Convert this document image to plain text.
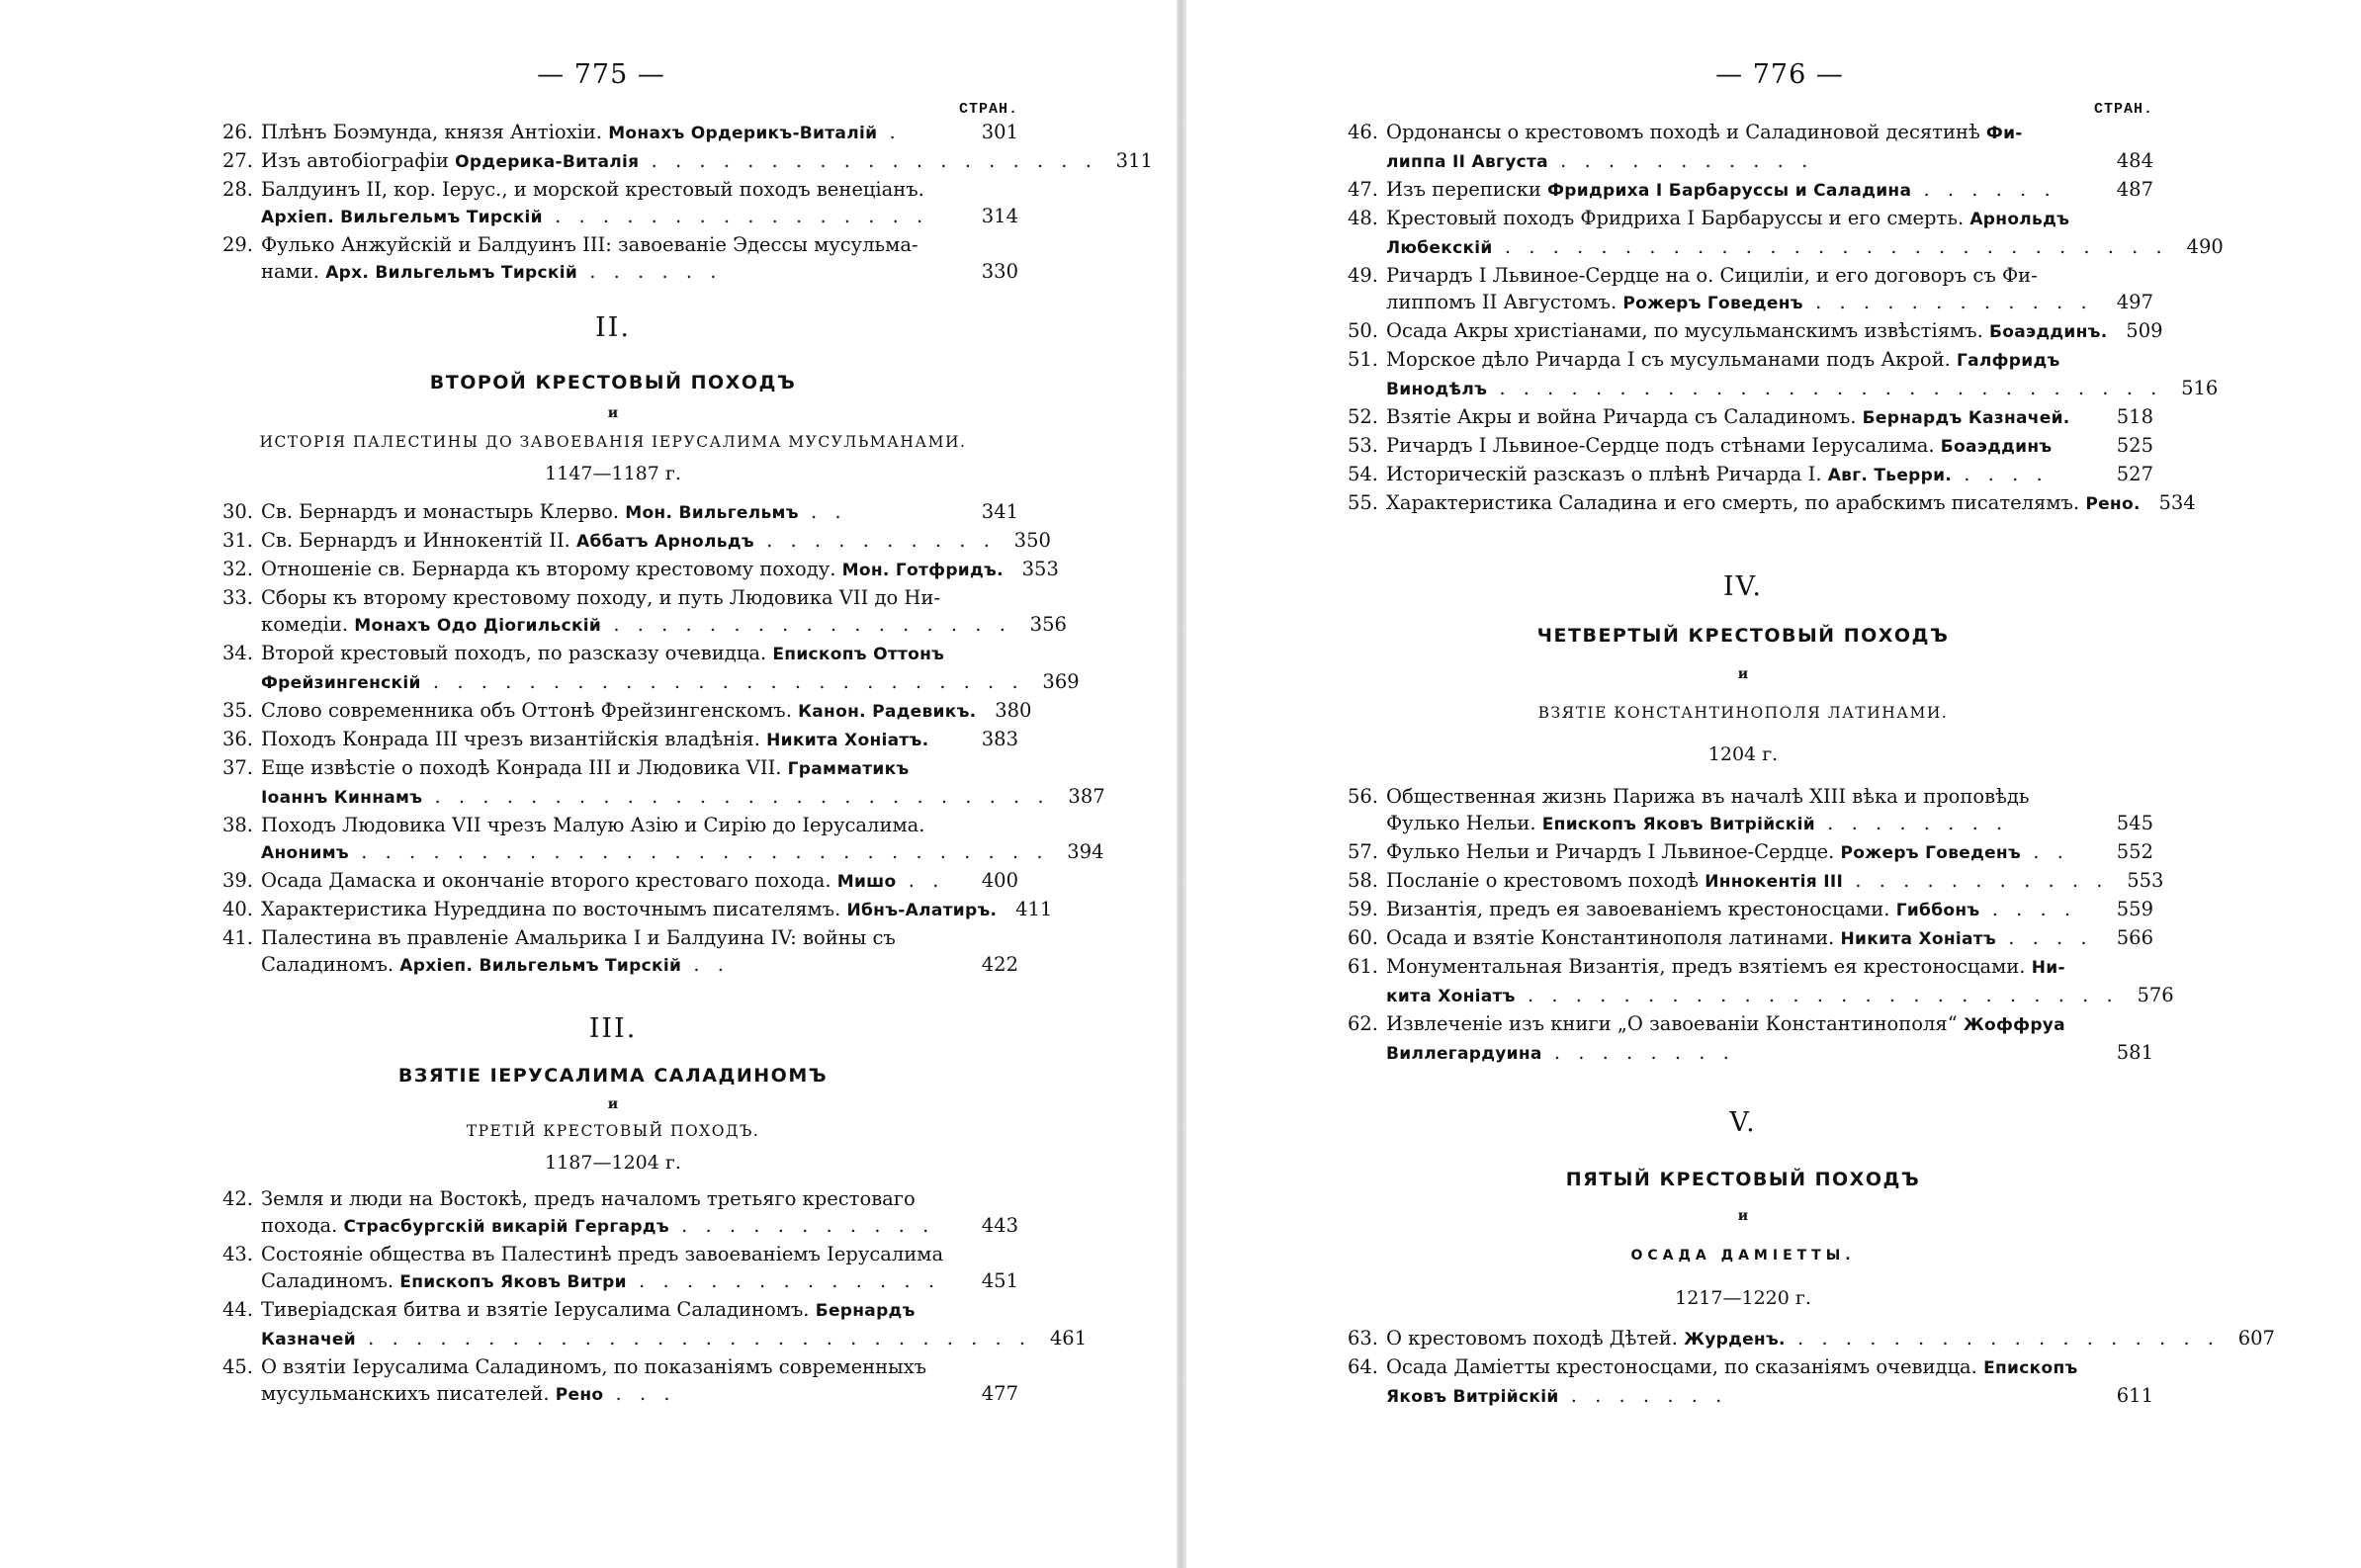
— 775 —
СТРАН.
26. Плѣнъ Боэмунда, князя Антіохіи. Монахъ Ордерикъ-Виталій .	301
27. Изъ автобіографіи Ордерика-Виталія . . . . . . . . . . . . . . . . . . . 311
28. Балдуинъ II, кор. Іерус., и морской крестовый походъ венеціанъ.
Архіеп. Вильгельмъ Тирскій . . . . . . . . . . . . . . . .	314
29. Фулько Анжуйскій и Балдуинъ III: завоеваніе Эдессы мусульма-
нами. Арх. Вильгельмъ Тирскій . . . . . .	330
II.
ВТОРОЙ КРЕСТОВЫЙ ПОХОДЪ
и
ИСТОРІЯ ПАЛЕСТИНЫ ДО ЗАВОЕВАНІЯ ІЕРУСАЛИМА МУСУЛЬМАНАМИ.
1147—1187 г.
30. Св. Бернардъ и монастырь Клерво. Мон. Вильгельмъ . .	341
31. Св. Бернардъ и Иннокентій II. Аббатъ Арнольдъ . . . . . . . . . . 350
32. Отношеніе св. Бернарда къ второму крестовому походу. Мон. Готфридъ. 353
33. Сборы къ второму крестовому походу, и путь Людовика VII до Ни-
комедіи. Монахъ Одо Діогильскій . . . . . . . . . . . . . . . . . 356
34. Второй крестовый походъ, по разсказу очевидца. Епископъ Оттонъ
Фрейзингенскій . . . . . . . . . . . . . . . . . . . . . . . . . 369
35. Слово современника объ Оттонѣ Фрейзингенскомъ. Канон. Радевикъ. 380
36. Походъ Конрада III чрезъ византійскія владѣнія. Никита Хоніатъ.	383
37. Еще извѣстіе о походѣ Конрада III и Людовика VII. Грамматикъ
Іоаннъ Киннамъ . . . . . . . . . . . . . . . . . . . . . . . . . . 387
38. Походъ Людовика VII чрезъ Малую Азію и Сирію до Іерусалима.
Анонимъ . . . . . . . . . . . . . . . . . . . . . . . . . . . . . 394
39. Осада Дамаска и окончаніе второго крестоваго похода. Мишо . .	400
40. Характеристика Нуреддина по восточнымъ писателямъ. Ибнъ-Алатиръ. 411
41. Палестина въ правленіе Амальрика I и Балдуина IV: войны съ
Саладиномъ. Архіеп. Вильгельмъ Тирскій . .	422
III.
ВЗЯТІЕ ІЕРУСАЛИМА САЛАДИНОМЪ
и
ТРЕТІЙ КРЕСТОВЫЙ ПОХОДЪ.
1187—1204 г.
42. Земля и люди на Востокѣ, предъ началомъ третьяго крестоваго
похода. Страсбургскій викарій Гергардъ . . . . . . . . . . .	443
43. Состояніе общества въ Палестинѣ предъ завоеваніемъ Іерусалима
Саладиномъ. Епископъ Яковъ Витри . . . . . . . . . . . . .	451
44. Тиверіадская битва и взятіе Іерусалима Саладиномъ. Бернардъ
Казначей . . . . . . . . . . . . . . . . . . . . . . . . . . . . 461
45. О взятіи Іерусалима Саладиномъ, по показаніямъ современныхъ
мусульманскихъ писателей. Рено . . .	477
— 776 —
СТРАН.
46. Ордонансы о крестовомъ походѣ и Саладиновой десятинѣ Фи-
липпа II Августа . . . . . . . . . . .	484
47. Изъ переписки Фридриха I Барбаруссы и Саладина . . . . . .	487
48. Крестовый походъ Фридриха I Барбаруссы и его смерть. Арнольдъ
Любекскій . . . . . . . . . . . . . . . . . . . . . . . . . . . . 490
49. Ричардъ I Львиное-Сердце на о. Сициліи, и его договоръ съ Фи-
липпомъ II Августомъ. Рожеръ Говеденъ . . . . . . . . . . . .	497
50. Осада Акры христіанами, по мусульманскимъ извѣстіямъ. Боаэддинъ. 509
51. Морское дѣло Ричарда I съ мусульманами подъ Акрой. Галфридъ
Винодѣлъ . . . . . . . . . . . . . . . . . . . . . . . . . . . . 516
52. Взятіе Акры и война Ричарда съ Саладиномъ. Бернардъ Казначей.	518
53. Ричардъ I Львиное-Сердце подъ стѣнами Іерусалима. Боаэддинъ	525
54. Историческій разсказъ о плѣнѣ Ричарда I. Авг. Тьерри. . . . .	527
55. Характеристика Саладина и его смерть, по арабскимъ писателямъ. Рено. 534
IV.
ЧЕТВЕРТЫЙ КРЕСТОВЫЙ ПОХОДЪ
и
ВЗЯТІЕ КОНСТАНТИНОПОЛЯ ЛАТИНАМИ.
1204 г.
56. Общественная жизнь Парижа въ началѣ XIII вѣка и проповѣдь
Фулько Нельи. Епископъ Яковъ Витрійскій . . . . . . . .	545
57. Фулько Нельи и Ричардъ I Львиное-Сердце. Рожеръ Говеденъ . .	552
58. Посланіе о крестовомъ походѣ Иннокентія III . . . . . . . . . . . 553
59. Византія, предъ ея завоеваніемъ крестоносцами. Гиббонъ . . . .	559
60. Осада и взятіе Константинополя латинами. Никита Хоніатъ . . . .	566
61. Монументальная Византія, предъ взятіемъ ея крестоносцами. Ни-
кита Хоніатъ . . . . . . . . . . . . . . . . . . . . . . . . . 576
62. Извлеченіе изъ книги „О завоеваніи Константинополя“ Жоффруа
Виллегардуина . . . . . . . .	581
V.
ПЯТЫЙ КРЕСТОВЫЙ ПОХОДЪ
и
ОСАДА ДАМІЕТТЫ.
1217—1220 г.
63. О крестовомъ походѣ Дѣтей. Журденъ. . . . . . . . . . . . . . . . . . . 607
64. Осада Даміетты крестоносцами, по сказаніямъ очевидца. Епископъ
Яковъ Витрійскій . . . . . . .	611
